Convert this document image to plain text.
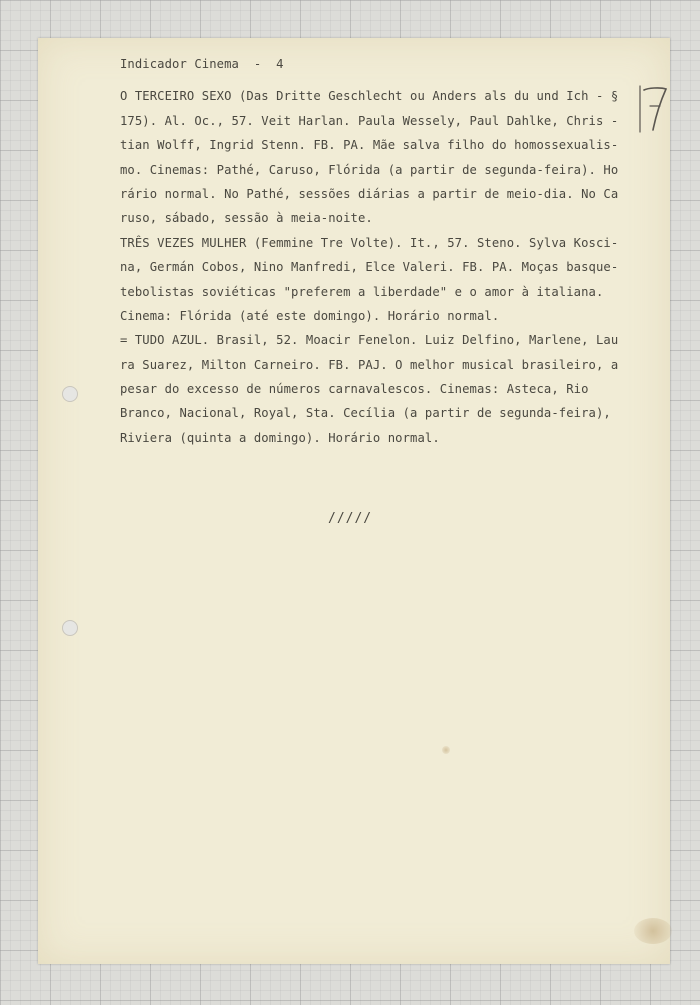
Indicador Cinema  -  4
O TERCEIRO SEXO (Das Dritte Geschlecht ou Anders als du und Ich - §
175). Al. Oc., 57. Veit Harlan. Paula Wessely, Paul Dahlke, Chris -
tian Wolff, Ingrid Stenn. FB. PA. Mãe salva filho do homossexualis-
mo. Cinemas: Pathé, Caruso, Flórida (a partir de segunda-feira). Ho
rário normal. No Pathé, sessões diárias a partir de meio-dia. No Ca
ruso, sábado, sessão à meia-noite.
TRÊS VEZES MULHER (Femmine Tre Volte). It., 57. Steno. Sylva Kosci-
na, Germán Cobos, Nino Manfredi, Elce Valeri. FB. PA. Moças basque-
tebolistas soviéticas "preferem a liberdade" e o amor à italiana.
Cinema: Flórida (até este domingo). Horário normal.
= TUDO AZUL. Brasil, 52. Moacir Fenelon. Luiz Delfino, Marlene, Lau
ra Suarez, Milton Carneiro. FB. PAJ. O melhor musical brasileiro, a
pesar do excesso de números carnavalescos. Cinemas: Asteca, Rio
Branco, Nacional, Royal, Sta. Cecília (a partir de segunda-feira),
Riviera (quinta a domingo). Horário normal.
/////
